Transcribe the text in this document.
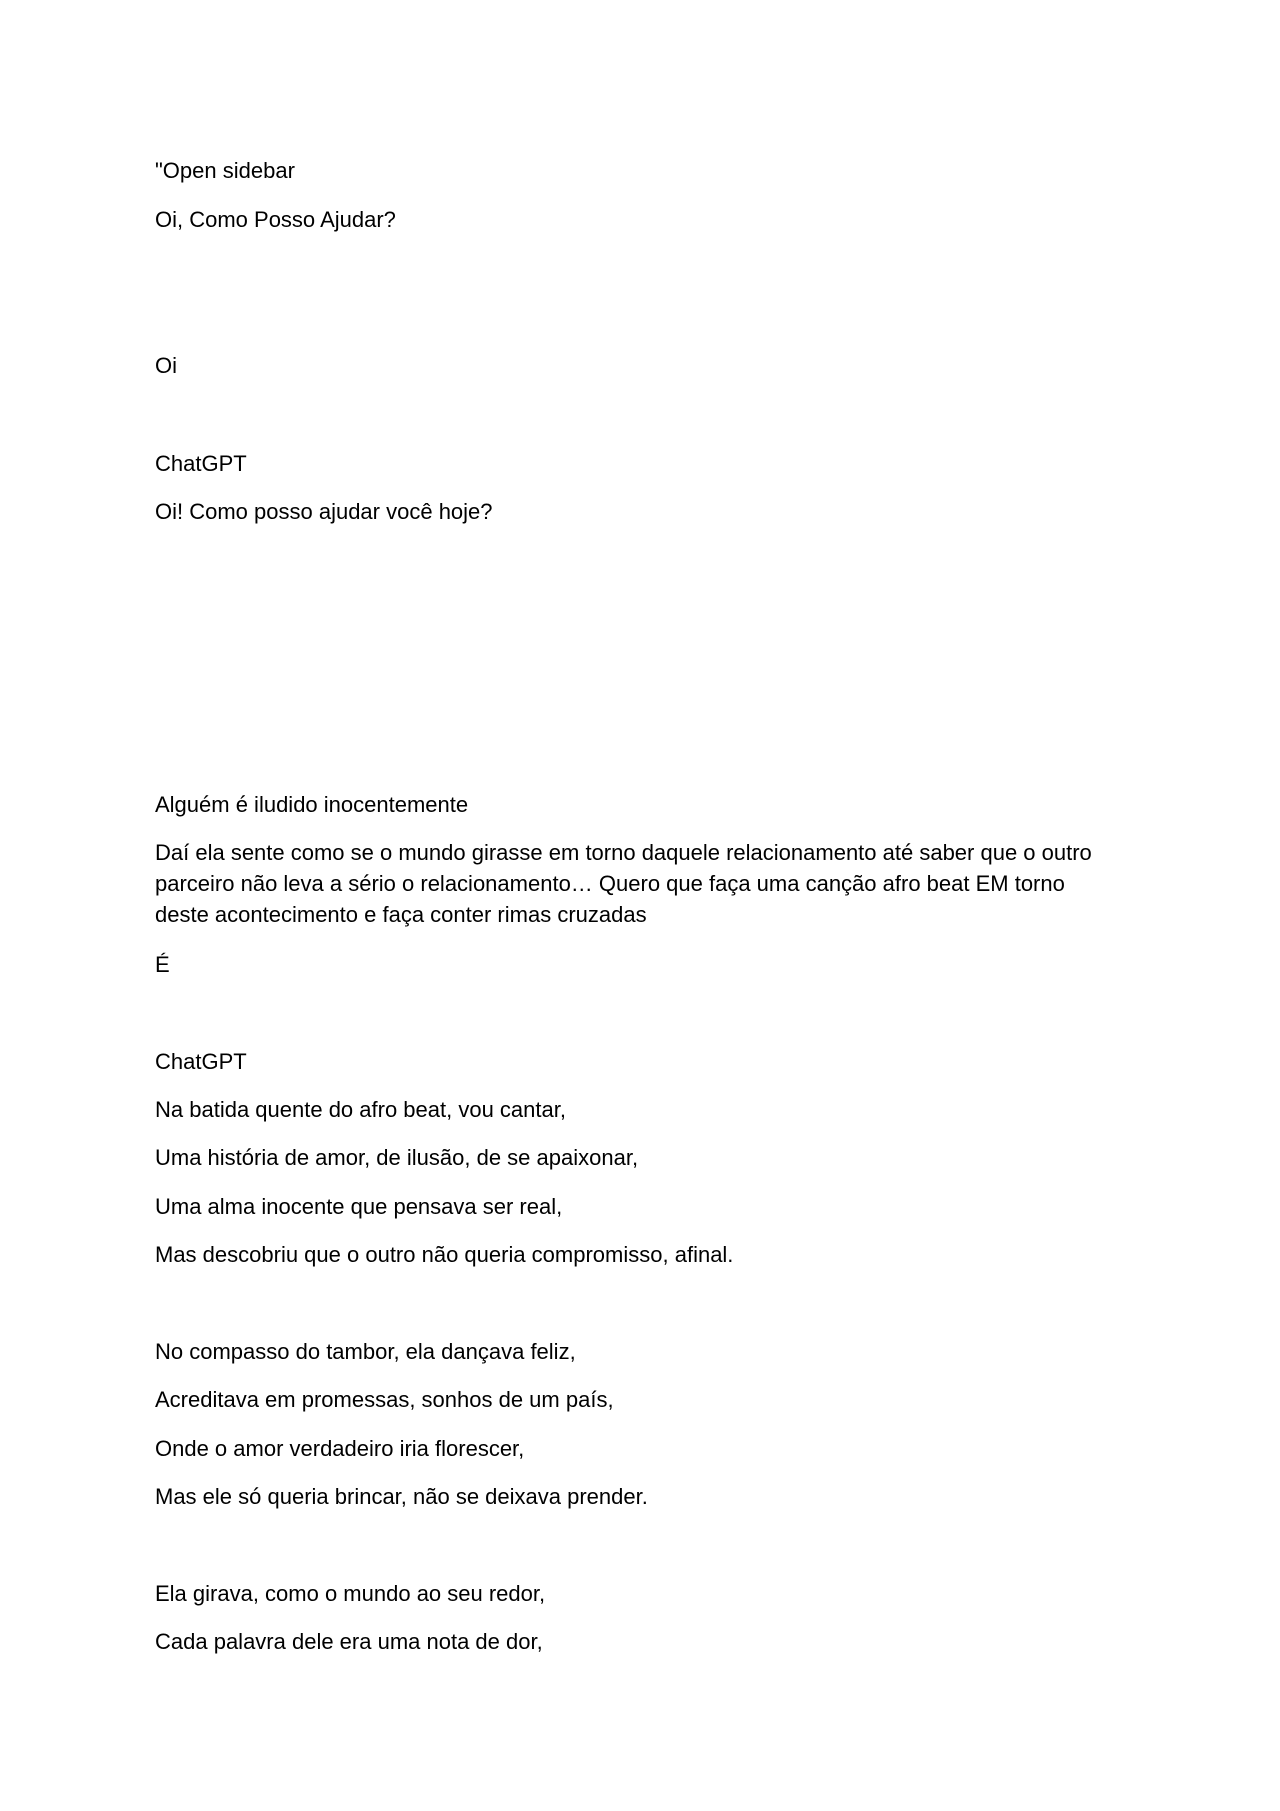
"Open sidebar

Oi, Como Posso Ajudar?

Oi

ChatGPT

Oi! Como posso ajudar você hoje?

Alguém é iludido inocentemente

Daí ela sente como se o mundo girasse em torno daquele relacionamento até saber que o outro parceiro não leva a sério o relacionamento… Quero que faça uma canção afro beat EM torno deste acontecimento e faça conter rimas cruzadas

É

ChatGPT

Na batida quente do afro beat, vou cantar,

Uma história de amor, de ilusão, de se apaixonar,

Uma alma inocente que pensava ser real,

Mas descobriu que o outro não queria compromisso, afinal.

No compasso do tambor, ela dançava feliz,

Acreditava em promessas, sonhos de um país,

Onde o amor verdadeiro iria florescer,

Mas ele só queria brincar, não se deixava prender.

Ela girava, como o mundo ao seu redor,

Cada palavra dele era uma nota de dor,
